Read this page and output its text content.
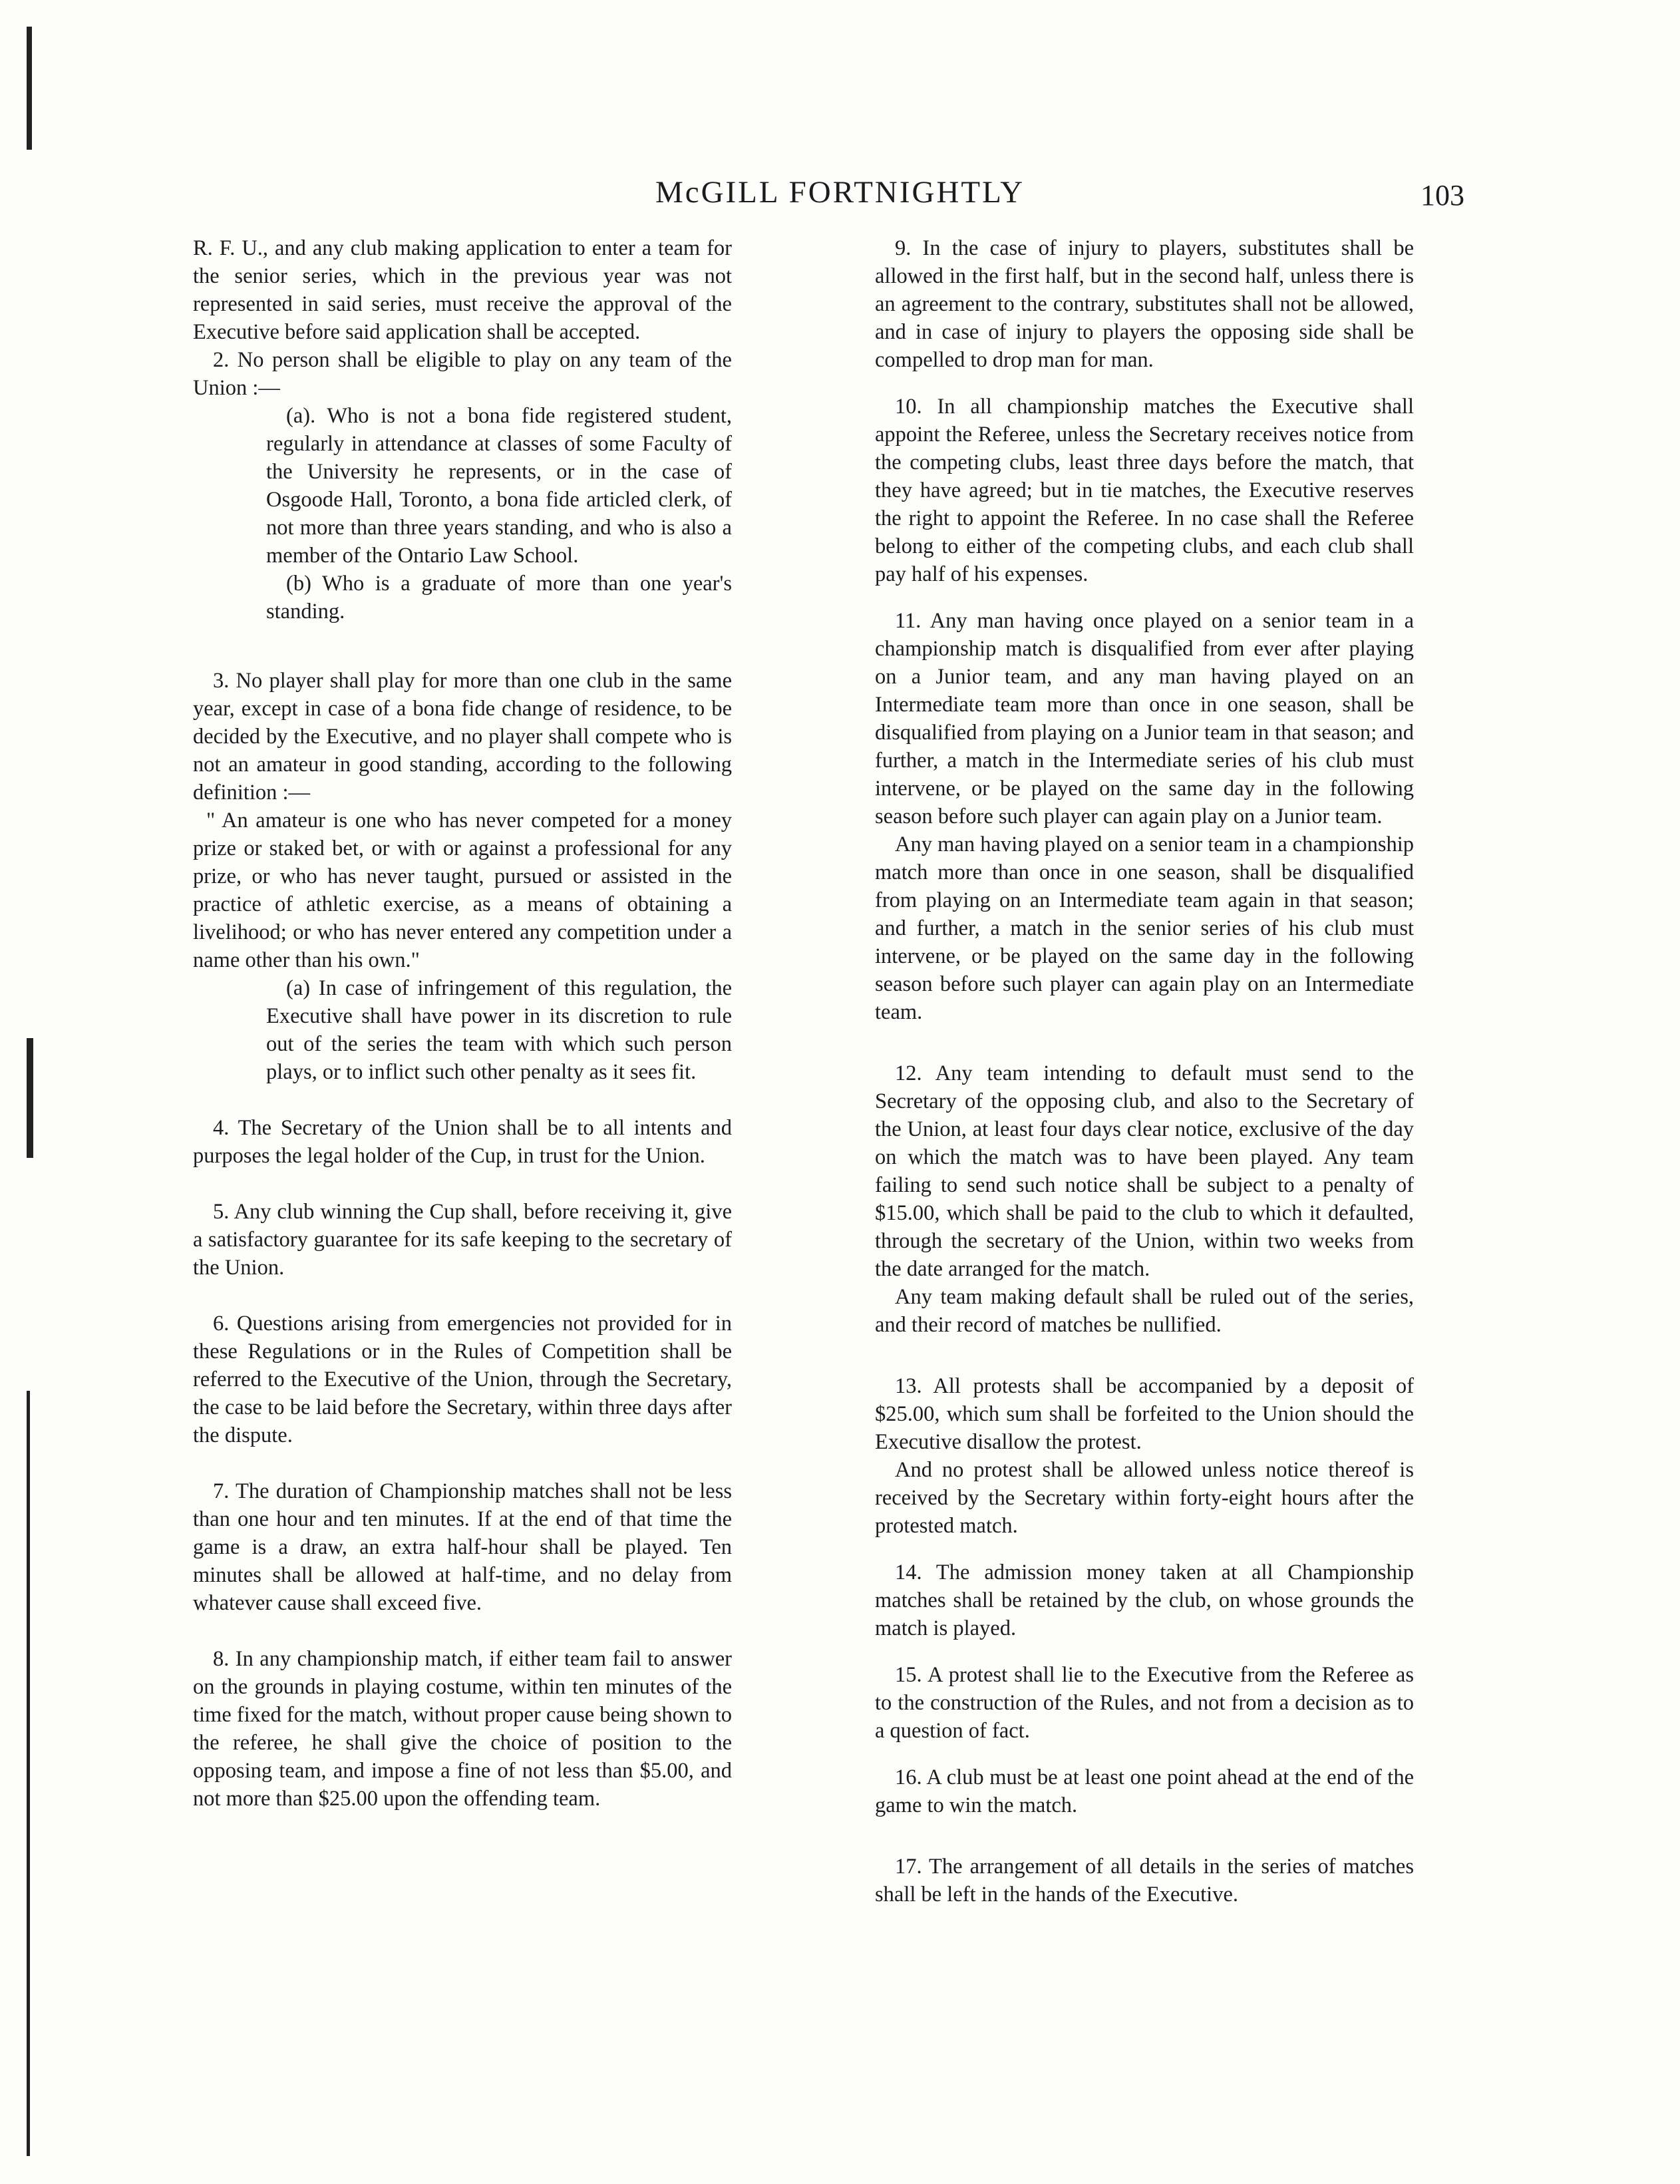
McGILL FORTNIGHTLY	103

R. F. U., and any club making application to enter a team for the senior series, which in the previous year was not represented in said series, must receive the approval of the Executive before said application shall be accepted.

2. No person shall be eligible to play on any team of the Union :—

(a). Who is not a bona fide registered student, regularly in attendance at classes of some Faculty of the University he represents, or in the case of Osgoode Hall, Toronto, a bona fide articled clerk, of not more than three years standing, and who is also a member of the Ontario Law School.

(b) Who is a graduate of more than one year's standing.

3. No player shall play for more than one club in the same year, except in case of a bona fide change of residence, to be decided by the Executive, and no player shall compete who is not an amateur in good standing, according to the following definition :—

" An amateur is one who has never competed for a money prize or staked bet, or with or against a professional for any prize, or who has never taught, pursued or assisted in the practice of athletic exercise, as a means of obtaining a livelihood; or who has never entered any competition under a name other than his own."

(a) In case of infringement of this regulation, the Executive shall have power in its discretion to rule out of the series the team with which such person plays, or to inflict such other penalty as it sees fit.

4. The Secretary of the Union shall be to all intents and purposes the legal holder of the Cup, in trust for the Union.

5. Any club winning the Cup shall, before receiving it, give a satisfactory guarantee for its safe keeping to the secretary of the Union.

6. Questions arising from emergencies not provided for in these Regulations or in the Rules of Competition shall be referred to the Executive of the Union, through the Secretary, the case to be laid before the Secretary, within three days after the dispute.

7. The duration of Championship matches shall not be less than one hour and ten minutes. If at the end of that time the game is a draw, an extra half-hour shall be played. Ten minutes shall be allowed at half-time, and no delay from whatever cause shall exceed five.

8. In any championship match, if either team fail to answer on the grounds in playing costume, within ten minutes of the time fixed for the match, without proper cause being shown to the referee, he shall give the choice of position to the opposing team, and impose a fine of not less than $5.00, and not more than $25.00 upon the offending team.

9. In the case of injury to players, substitutes shall be allowed in the first half, but in the second half, unless there is an agreement to the contrary, substitutes shall not be allowed, and in case of injury to players the opposing side shall be compelled to drop man for man.

10. In all championship matches the Executive shall appoint the Referee, unless the Secretary receives notice from the competing clubs, least three days before the match, that they have agreed; but in tie matches, the Executive reserves the right to appoint the Referee. In no case shall the Referee belong to either of the competing clubs, and each club shall pay half of his expenses.

11. Any man having once played on a senior team in a championship match is disqualified from ever after playing on a Junior team, and any man having played on an Intermediate team more than once in one season, shall be disqualified from playing on a Junior team in that season; and further, a match in the Intermediate series of his club must intervene, or be played on the same day in the following season before such player can again play on a Junior team.

Any man having played on a senior team in a championship match more than once in one season, shall be disqualified from playing on an Intermediate team again in that season; and further, a match in the senior series of his club must intervene, or be played on the same day in the following season before such player can again play on an Intermediate team.

12. Any team intending to default must send to the Secretary of the opposing club, and also to the Secretary of the Union, at least four days clear notice, exclusive of the day on which the match was to have been played. Any team failing to send such notice shall be subject to a penalty of $15.00, which shall be paid to the club to which it defaulted, through the secretary of the Union, within two weeks from the date arranged for the match.

Any team making default shall be ruled out of the series, and their record of matches be nullified.

13. All protests shall be accompanied by a deposit of $25.00, which sum shall be forfeited to the Union should the Executive disallow the protest.

And no protest shall be allowed unless notice thereof is received by the Secretary within forty-eight hours after the protested match.

14. The admission money taken at all Championship matches shall be retained by the club, on whose grounds the match is played.

15. A protest shall lie to the Executive from the Referee as to the construction of the Rules, and not from a decision as to a question of fact.

16. A club must be at least one point ahead at the end of the game to win the match.

17. The arrangement of all details in the series of matches shall be left in the hands of the Executive.
